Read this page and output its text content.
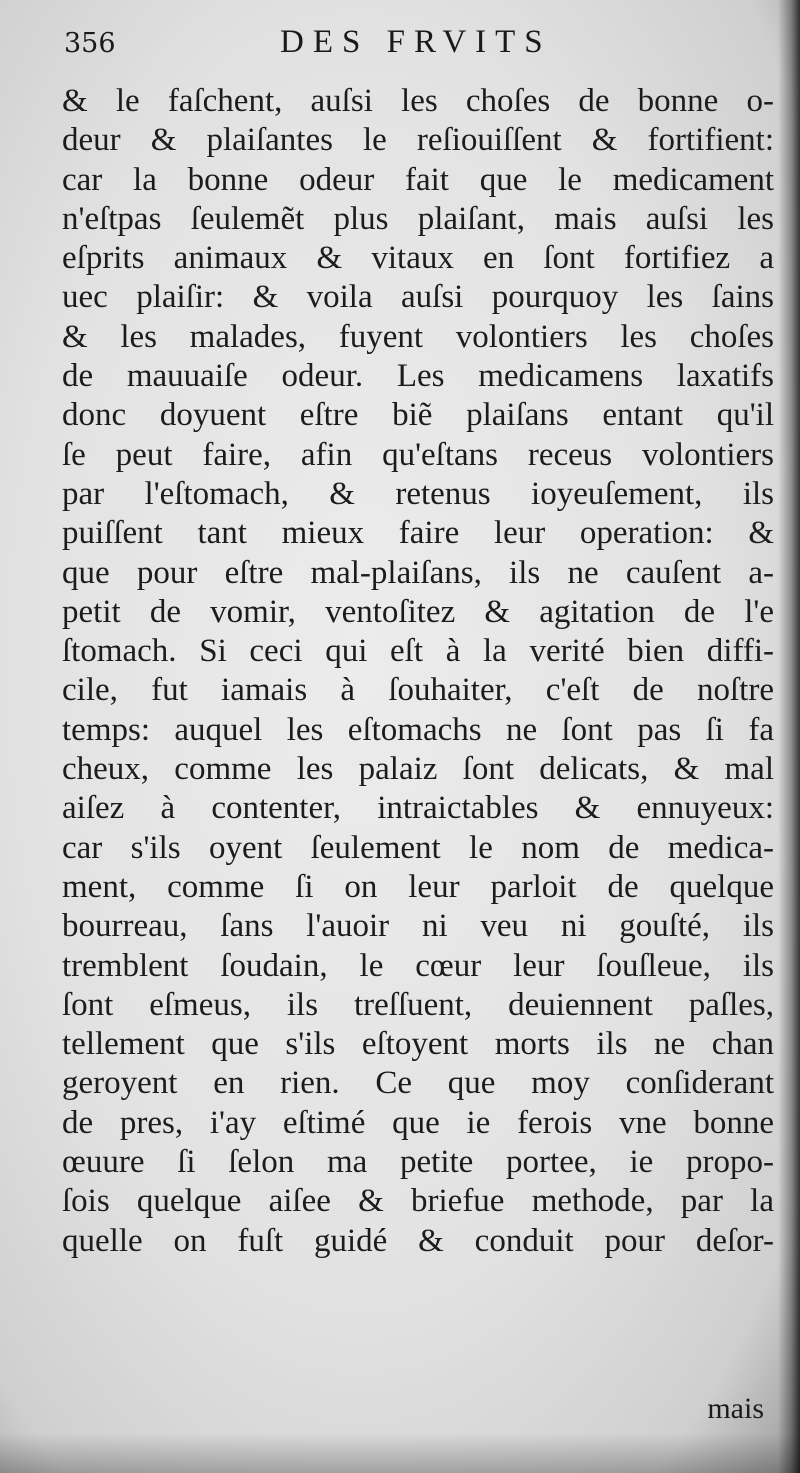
356	DES FRVITS
& le faſchent, auſsi les choſes de bonne o-
deur & plaiſantes le reſiouiſſent & fortifient:
car la bonne odeur fait que le medicament
n'eſtpas ſeulemẽt plus plaiſant, mais auſsi les
eſprits animaux & vitaux en ſont fortifiez a
uec plaiſir: & voila auſsi pourquoy les ſains
& les malades, fuyent volontiers les choſes
de mauuaiſe odeur. Les medicamens laxatifs
donc doyuent eſtre biẽ plaiſans entant qu'il
ſe peut faire, afin qu'eſtans receus volontiers
par l'eſtomach, & retenus ioyeuſement, ils
puiſſent tant mieux faire leur operation: &
que pour eſtre mal-plaiſans, ils ne cauſent a-
petit de vomir, ventoſitez & agitation de l'e
ſtomach. Si ceci qui eſt à la verité bien diffi-
cile, fut iamais à ſouhaiter, c'eſt de noſtre
temps: auquel les eſtomachs ne ſont pas ſi fa
cheux, comme les palaiz ſont delicats, & mal
aiſez à contenter, intraictables & ennuyeux:
car s'ils oyent ſeulement le nom de medica-
ment, comme ſi on leur parloit de quelque
bourreau, ſans l'auoir ni veu ni gouſté, ils
tremblent ſoudain, le cœur leur ſouſleue, ils
ſont eſmeus, ils treſſuent, deuiennent paſles,
tellement que s'ils eſtoyent morts ils ne chan
geroyent en rien. Ce que moy conſiderant
de pres, i'ay eſtimé que ie ferois vne bonne
œuure ſi ſelon ma petite portee, ie propo-
ſois quelque aiſee & briefue methode, par la
quelle on fuſt guidé & conduit pour deſor-
mais
